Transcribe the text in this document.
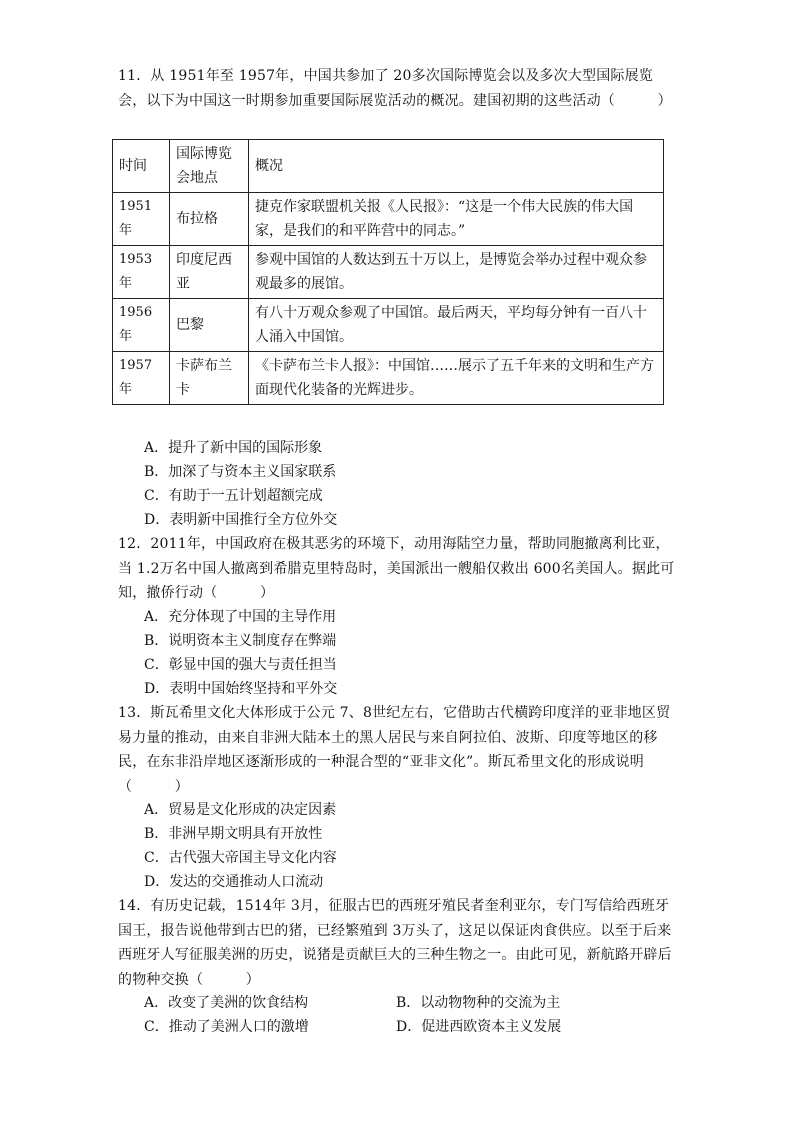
11．从 1951年至 1957年，中国共参加了 20多次国际博览会以及多次大型国际展览会，以下为中国这一时期参加重要国际展览活动的概况。建国初期的这些活动（　　　）
时间	国际博览会地点	概况
1951年	布拉格	捷克作家联盟机关报《人民报》：“这是一个伟大民族的伟大国家，是我们的和平阵营中的同志。”
1953年	印度尼西亚	参观中国馆的人数达到五十万以上，是博览会举办过程中观众参观最多的展馆。
1956年	巴黎	有八十万观众参观了中国馆。最后两天，平均每分钟有一百八十人涌入中国馆。
1957年	卡萨布兰卡	《卡萨布兰卡人报》：中国馆……展示了五千年来的文明和生产方面现代化装备的光辉进步。
A．提升了新中国的国际形象
B．加深了与资本主义国家联系
C．有助于一五计划超额完成
D．表明新中国推行全方位外交
12．2011年，中国政府在极其恶劣的环境下，动用海陆空力量，帮助同胞撤离利比亚，当 1.2万名中国人撤离到希腊克里特岛时，美国派出一艘船仅救出 600名美国人。据此可知，撤侨行动（　　　）
A．充分体现了中国的主导作用
B．说明资本主义制度存在弊端
C．彰显中国的强大与责任担当
D．表明中国始终坚持和平外交
13．斯瓦希里文化大体形成于公元 7、8世纪左右，它借助古代横跨印度洋的亚非地区贸易力量的推动，由来自非洲大陆本土的黑人居民与来自阿拉伯、波斯、印度等地区的移民，在东非沿岸地区逐渐形成的一种混合型的“亚非文化”。斯瓦希里文化的形成说明（　　　）
A．贸易是文化形成的决定因素
B．非洲早期文明具有开放性
C．古代强大帝国主导文化内容
D．发达的交通推动人口流动
14．有历史记载，1514年 3月，征服古巴的西班牙殖民者奎利亚尔，专门写信给西班牙国王，报告说他带到古巴的猪，已经繁殖到 3万头了，这足以保证肉食供应。以至于后来西班牙人写征服美洲的历史，说猪是贡献巨大的三种生物之一。由此可见，新航路开辟后的物种交换（　　　）
A．改变了美洲的饮食结构	B．以动物物种的交流为主
C．推动了美洲人口的激增	D．促进西欧资本主义发展
